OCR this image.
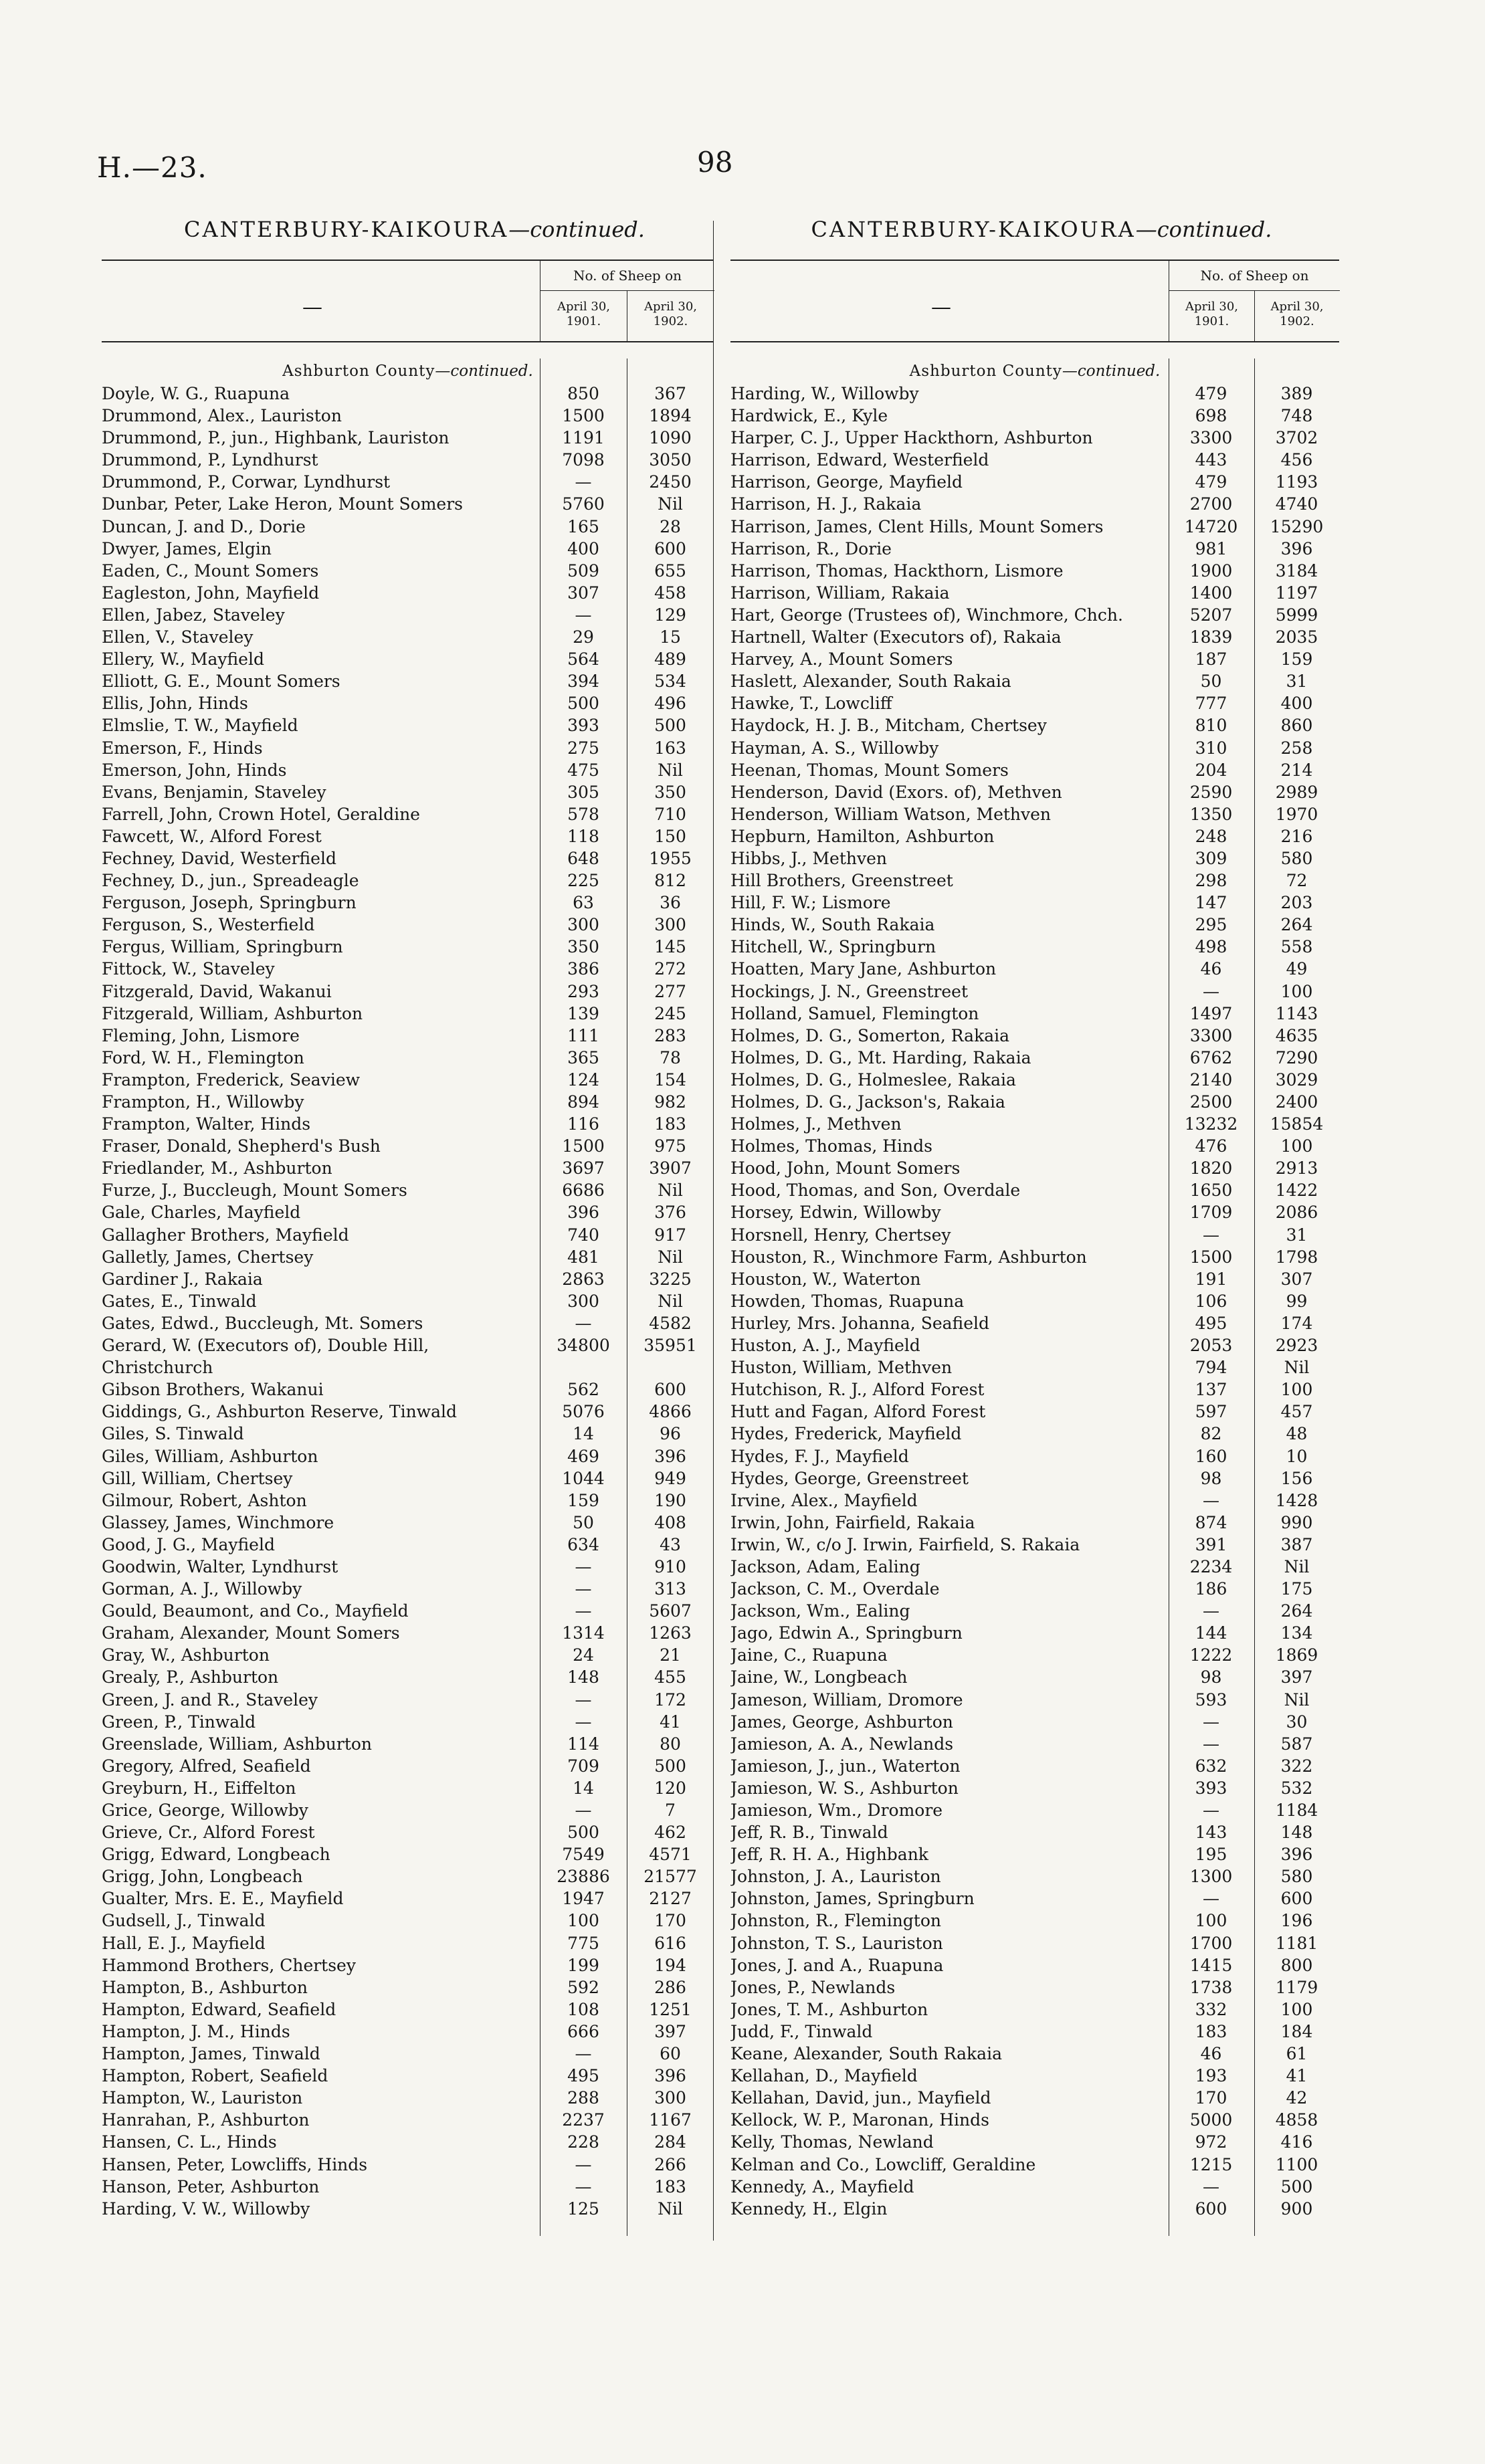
H.—23.	98
CANTERBURY-KAIKOURA—continued.
—
No. of Sheep on
April 30, 1901.
April 30, 1902.
Ashburton County—continued.
Doyle, W. G., Ruapuna	850	367
Drummond, Alex., Lauriston	1500	1894
Drummond, P., jun., Highbank, Lauriston	1191	1090
Drummond, P., Lyndhurst	7098	3050
Drummond, P., Corwar, Lyndhurst	—	2450
Dunbar, Peter, Lake Heron, Mount Somers	5760	Nil
Duncan, J. and D., Dorie	165	28
Dwyer, James, Elgin	400	600
Eaden, C., Mount Somers	509	655
Eagleston, John, Mayfield	307	458
Ellen, Jabez, Staveley	—	129
Ellen, V., Staveley	29	15
Ellery, W., Mayfield	564	489
Elliott, G. E., Mount Somers	394	534
Ellis, John, Hinds	500	496
Elmslie, T. W., Mayfield	393	500
Emerson, F., Hinds	275	163
Emerson, John, Hinds	475	Nil
Evans, Benjamin, Staveley	305	350
Farrell, John, Crown Hotel, Geraldine	578	710
Fawcett, W., Alford Forest	118	150
Fechney, David, Westerfield	648	1955
Fechney, D., jun., Spreadeagle	225	812
Ferguson, Joseph, Springburn	63	36
Ferguson, S., Westerfield	300	300
Fergus, William, Springburn	350	145
Fittock, W., Staveley	386	272
Fitzgerald, David, Wakanui	293	277
Fitzgerald, William, Ashburton	139	245
Fleming, John, Lismore	111	283
Ford, W. H., Flemington	365	78
Frampton, Frederick, Seaview	124	154
Frampton, H., Willowby	894	982
Frampton, Walter, Hinds	116	183
Fraser, Donald, Shepherd's Bush	1500	975
Friedlander, M., Ashburton	3697	3907
Furze, J., Buccleugh, Mount Somers	6686	Nil
Gale, Charles, Mayfield	396	376
Gallagher Brothers, Mayfield	740	917
Galletly, James, Chertsey	481	Nil
Gardiner J., Rakaia	2863	3225
Gates, E., Tinwald	300	Nil
Gates, Edwd., Buccleugh, Mt. Somers	—	4582
Gerard, W. (Executors of), Double Hill,	34800	35951
Christchurch
Gibson Brothers, Wakanui	562	600
Giddings, G., Ashburton Reserve, Tinwald	5076	4866
Giles, S. Tinwald	14	96
Giles, William, Ashburton	469	396
Gill, William, Chertsey	1044	949
Gilmour, Robert, Ashton	159	190
Glassey, James, Winchmore	50	408
Good, J. G., Mayfield	634	43
Goodwin, Walter, Lyndhurst	—	910
Gorman, A. J., Willowby	—	313
Gould, Beaumont, and Co., Mayfield	—	5607
Graham, Alexander, Mount Somers	1314	1263
Gray, W., Ashburton	24	21
Grealy, P., Ashburton	148	455
Green, J. and R., Staveley	—	172
Green, P., Tinwald	—	41
Greenslade, William, Ashburton	114	80
Gregory, Alfred, Seafield	709	500
Greyburn, H., Eiffelton	14	120
Grice, George, Willowby	—	7
Grieve, Cr., Alford Forest	500	462
Grigg, Edward, Longbeach	7549	4571
Grigg, John, Longbeach	23886	21577
Gualter, Mrs. E. E., Mayfield	1947	2127
Gudsell, J., Tinwald	100	170
Hall, E. J., Mayfield	775	616
Hammond Brothers, Chertsey	199	194
Hampton, B., Ashburton	592	286
Hampton, Edward, Seafield	108	1251
Hampton, J. M., Hinds	666	397
Hampton, James, Tinwald	—	60
Hampton, Robert, Seafield	495	396
Hampton, W., Lauriston	288	300
Hanrahan, P., Ashburton	2237	1167
Hansen, C. L., Hinds	228	284
Hansen, Peter, Lowcliffs, Hinds	—	266
Hanson, Peter, Ashburton	—	183
Harding, V. W., Willowby	125	Nil
CANTERBURY-KAIKOURA—continued.
—
No. of Sheep on
April 30, 1901.
April 30, 1902.
Ashburton County—continued.
Harding, W., Willowby	479	389
Hardwick, E., Kyle	698	748
Harper, C. J., Upper Hackthorn, Ashburton	3300	3702
Harrison, Edward, Westerfield	443	456
Harrison, George, Mayfield	479	1193
Harrison, H. J., Rakaia	2700	4740
Harrison, James, Clent Hills, Mount Somers	14720	15290
Harrison, R., Dorie	981	396
Harrison, Thomas, Hackthorn, Lismore	1900	3184
Harrison, William, Rakaia	1400	1197
Hart, George (Trustees of), Winchmore, Chch.	5207	5999
Hartnell, Walter (Executors of), Rakaia	1839	2035
Harvey, A., Mount Somers	187	159
Haslett, Alexander, South Rakaia	50	31
Hawke, T., Lowcliff	777	400
Haydock, H. J. B., Mitcham, Chertsey	810	860
Hayman, A. S., Willowby	310	258
Heenan, Thomas, Mount Somers	204	214
Henderson, David (Exors. of), Methven	2590	2989
Henderson, William Watson, Methven	1350	1970
Hepburn, Hamilton, Ashburton	248	216
Hibbs, J., Methven	309	580
Hill Brothers, Greenstreet	298	72
Hill, F. W.; Lismore	147	203
Hinds, W., South Rakaia	295	264
Hitchell, W., Springburn	498	558
Hoatten, Mary Jane, Ashburton	46	49
Hockings, J. N., Greenstreet	—	100
Holland, Samuel, Flemington	1497	1143
Holmes, D. G., Somerton, Rakaia	3300	4635
Holmes, D. G., Mt. Harding, Rakaia	6762	7290
Holmes, D. G., Holmeslee, Rakaia	2140	3029
Holmes, D. G., Jackson's, Rakaia	2500	2400
Holmes, J., Methven	13232	15854
Holmes, Thomas, Hinds	476	100
Hood, John, Mount Somers	1820	2913
Hood, Thomas, and Son, Overdale	1650	1422
Horsey, Edwin, Willowby	1709	2086
Horsnell, Henry, Chertsey	—	31
Houston, R., Winchmore Farm, Ashburton	1500	1798
Houston, W., Waterton	191	307
Howden, Thomas, Ruapuna	106	99
Hurley, Mrs. Johanna, Seafield	495	174
Huston, A. J., Mayfield	2053	2923
Huston, William, Methven	794	Nil
Hutchison, R. J., Alford Forest	137	100
Hutt and Fagan, Alford Forest	597	457
Hydes, Frederick, Mayfield	82	48
Hydes, F. J., Mayfield	160	10
Hydes, George, Greenstreet	98	156
Irvine, Alex., Mayfield	—	1428
Irwin, John, Fairfield, Rakaia	874	990
Irwin, W., c/o J. Irwin, Fairfield, S. Rakaia	391	387
Jackson, Adam, Ealing	2234	Nil
Jackson, C. M., Overdale	186	175
Jackson, Wm., Ealing	—	264
Jago, Edwin A., Springburn	144	134
Jaine, C., Ruapuna	1222	1869
Jaine, W., Longbeach	98	397
Jameson, William, Dromore	593	Nil
James, George, Ashburton	—	30
Jamieson, A. A., Newlands	—	587
Jamieson, J., jun., Waterton	632	322
Jamieson, W. S., Ashburton	393	532
Jamieson, Wm., Dromore	—	1184
Jeff, R. B., Tinwald	143	148
Jeff, R. H. A., Highbank	195	396
Johnston, J. A., Lauriston	1300	580
Johnston, James, Springburn	—	600
Johnston, R., Flemington	100	196
Johnston, T. S., Lauriston	1700	1181
Jones, J. and A., Ruapuna	1415	800
Jones, P., Newlands	1738	1179
Jones, T. M., Ashburton	332	100
Judd, F., Tinwald	183	184
Keane, Alexander, South Rakaia	46	61
Kellahan, D., Mayfield	193	41
Kellahan, David, jun., Mayfield	170	42
Kellock, W. P., Maronan, Hinds	5000	4858
Kelly, Thomas, Newland	972	416
Kelman and Co., Lowcliff, Geraldine	1215	1100
Kennedy, A., Mayfield	—	500
Kennedy, H., Elgin	600	900
